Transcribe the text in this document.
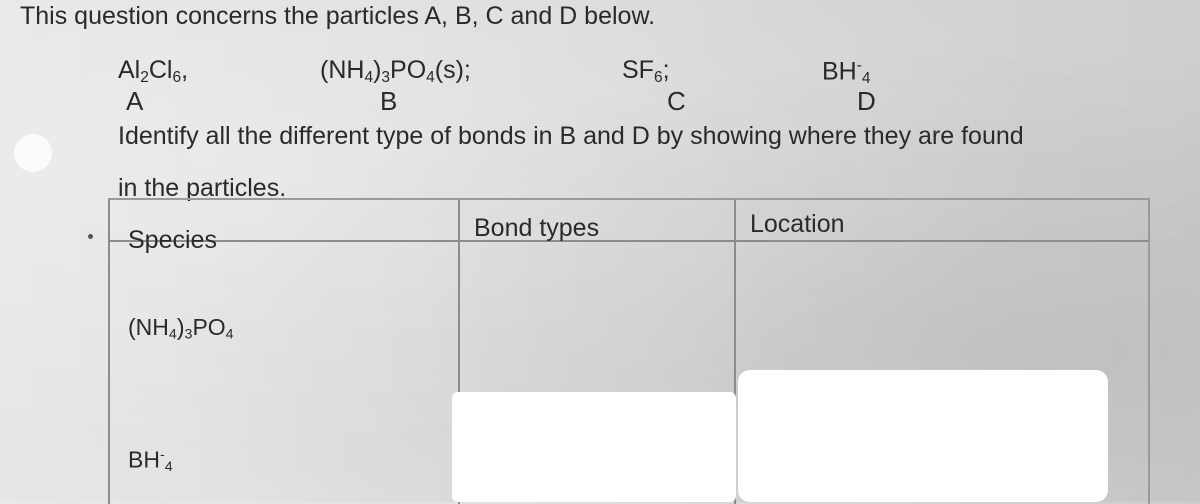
This question concerns the particles A, B, C and D below.
$Al_2Cl_6$,	$(NH_4)_3PO_4(s)$;	$SF_6$;	$BH^-_4$
A	B	C	D
Identify all the different type of bonds in B and D by showing where they are found
in the particles.
Species	Bond types	Location
$(NH_4)_3PO_4$
$BH^-_4$
